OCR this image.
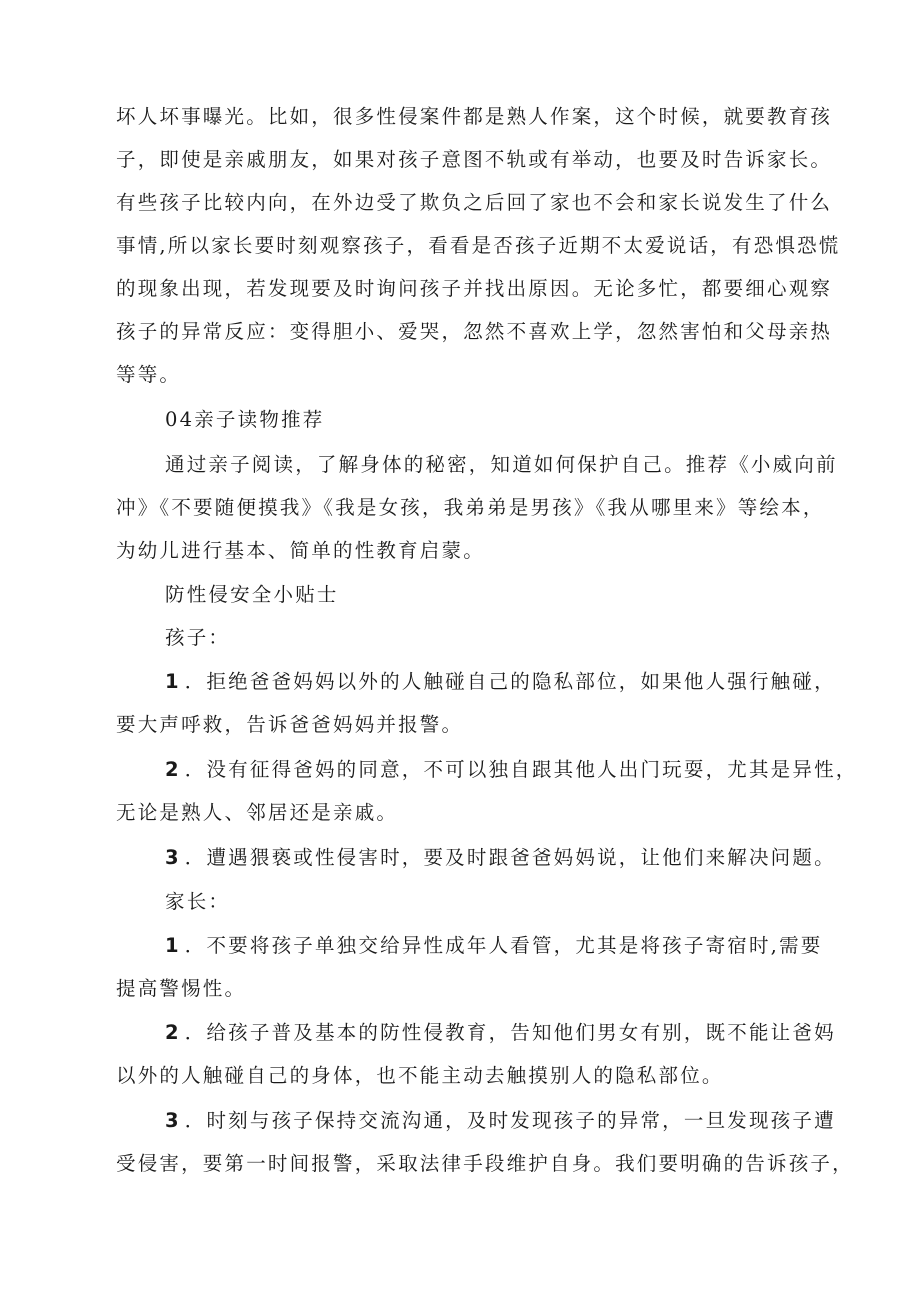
坏人坏事曝光。比如，很多性侵案件都是熟人作案，这个时候，就要教育孩
子，即使是亲戚朋友，如果对孩子意图不轨或有举动，也要及时告诉家长。
有些孩子比较内向，在外边受了欺负之后回了家也不会和家长说发生了什么
事情,所以家长要时刻观察孩子，看看是否孩子近期不太爱说话，有恐惧恐慌
的现象出现，若发现要及时询问孩子并找出原因。无论多忙，都要细心观察
孩子的异常反应：变得胆小、爱哭，忽然不喜欢上学，忽然害怕和父母亲热
等等。
04亲子读物推荐
通过亲子阅读，了解身体的秘密，知道如何保护自己。推荐《小威向前
冲》《不要随便摸我》《我是女孩，我弟弟是男孩》《我从哪里来》等绘本，
为幼儿进行基本、简单的性教育启蒙。
防性侵安全小贴士
孩子：
1 ．拒绝爸爸妈妈以外的人触碰自己的隐私部位，如果他人强行触碰，
要大声呼救，告诉爸爸妈妈并报警。
2 ．没有征得爸妈的同意，不可以独自跟其他人出门玩耍，尤其是异性，
无论是熟人、邻居还是亲戚。
3 ．遭遇猥亵或性侵害时，要及时跟爸爸妈妈说，让他们来解决问题。
家长：
1 ．不要将孩子单独交给异性成年人看管，尤其是将孩子寄宿时,需要
提高警惕性。
2 ．给孩子普及基本的防性侵教育，告知他们男女有别，既不能让爸妈
以外的人触碰自己的身体，也不能主动去触摸别人的隐私部位。
3 ．时刻与孩子保持交流沟通，及时发现孩子的异常，一旦发现孩子遭
受侵害，要第一时间报警，采取法律手段维护自身。我们要明确的告诉孩子，
